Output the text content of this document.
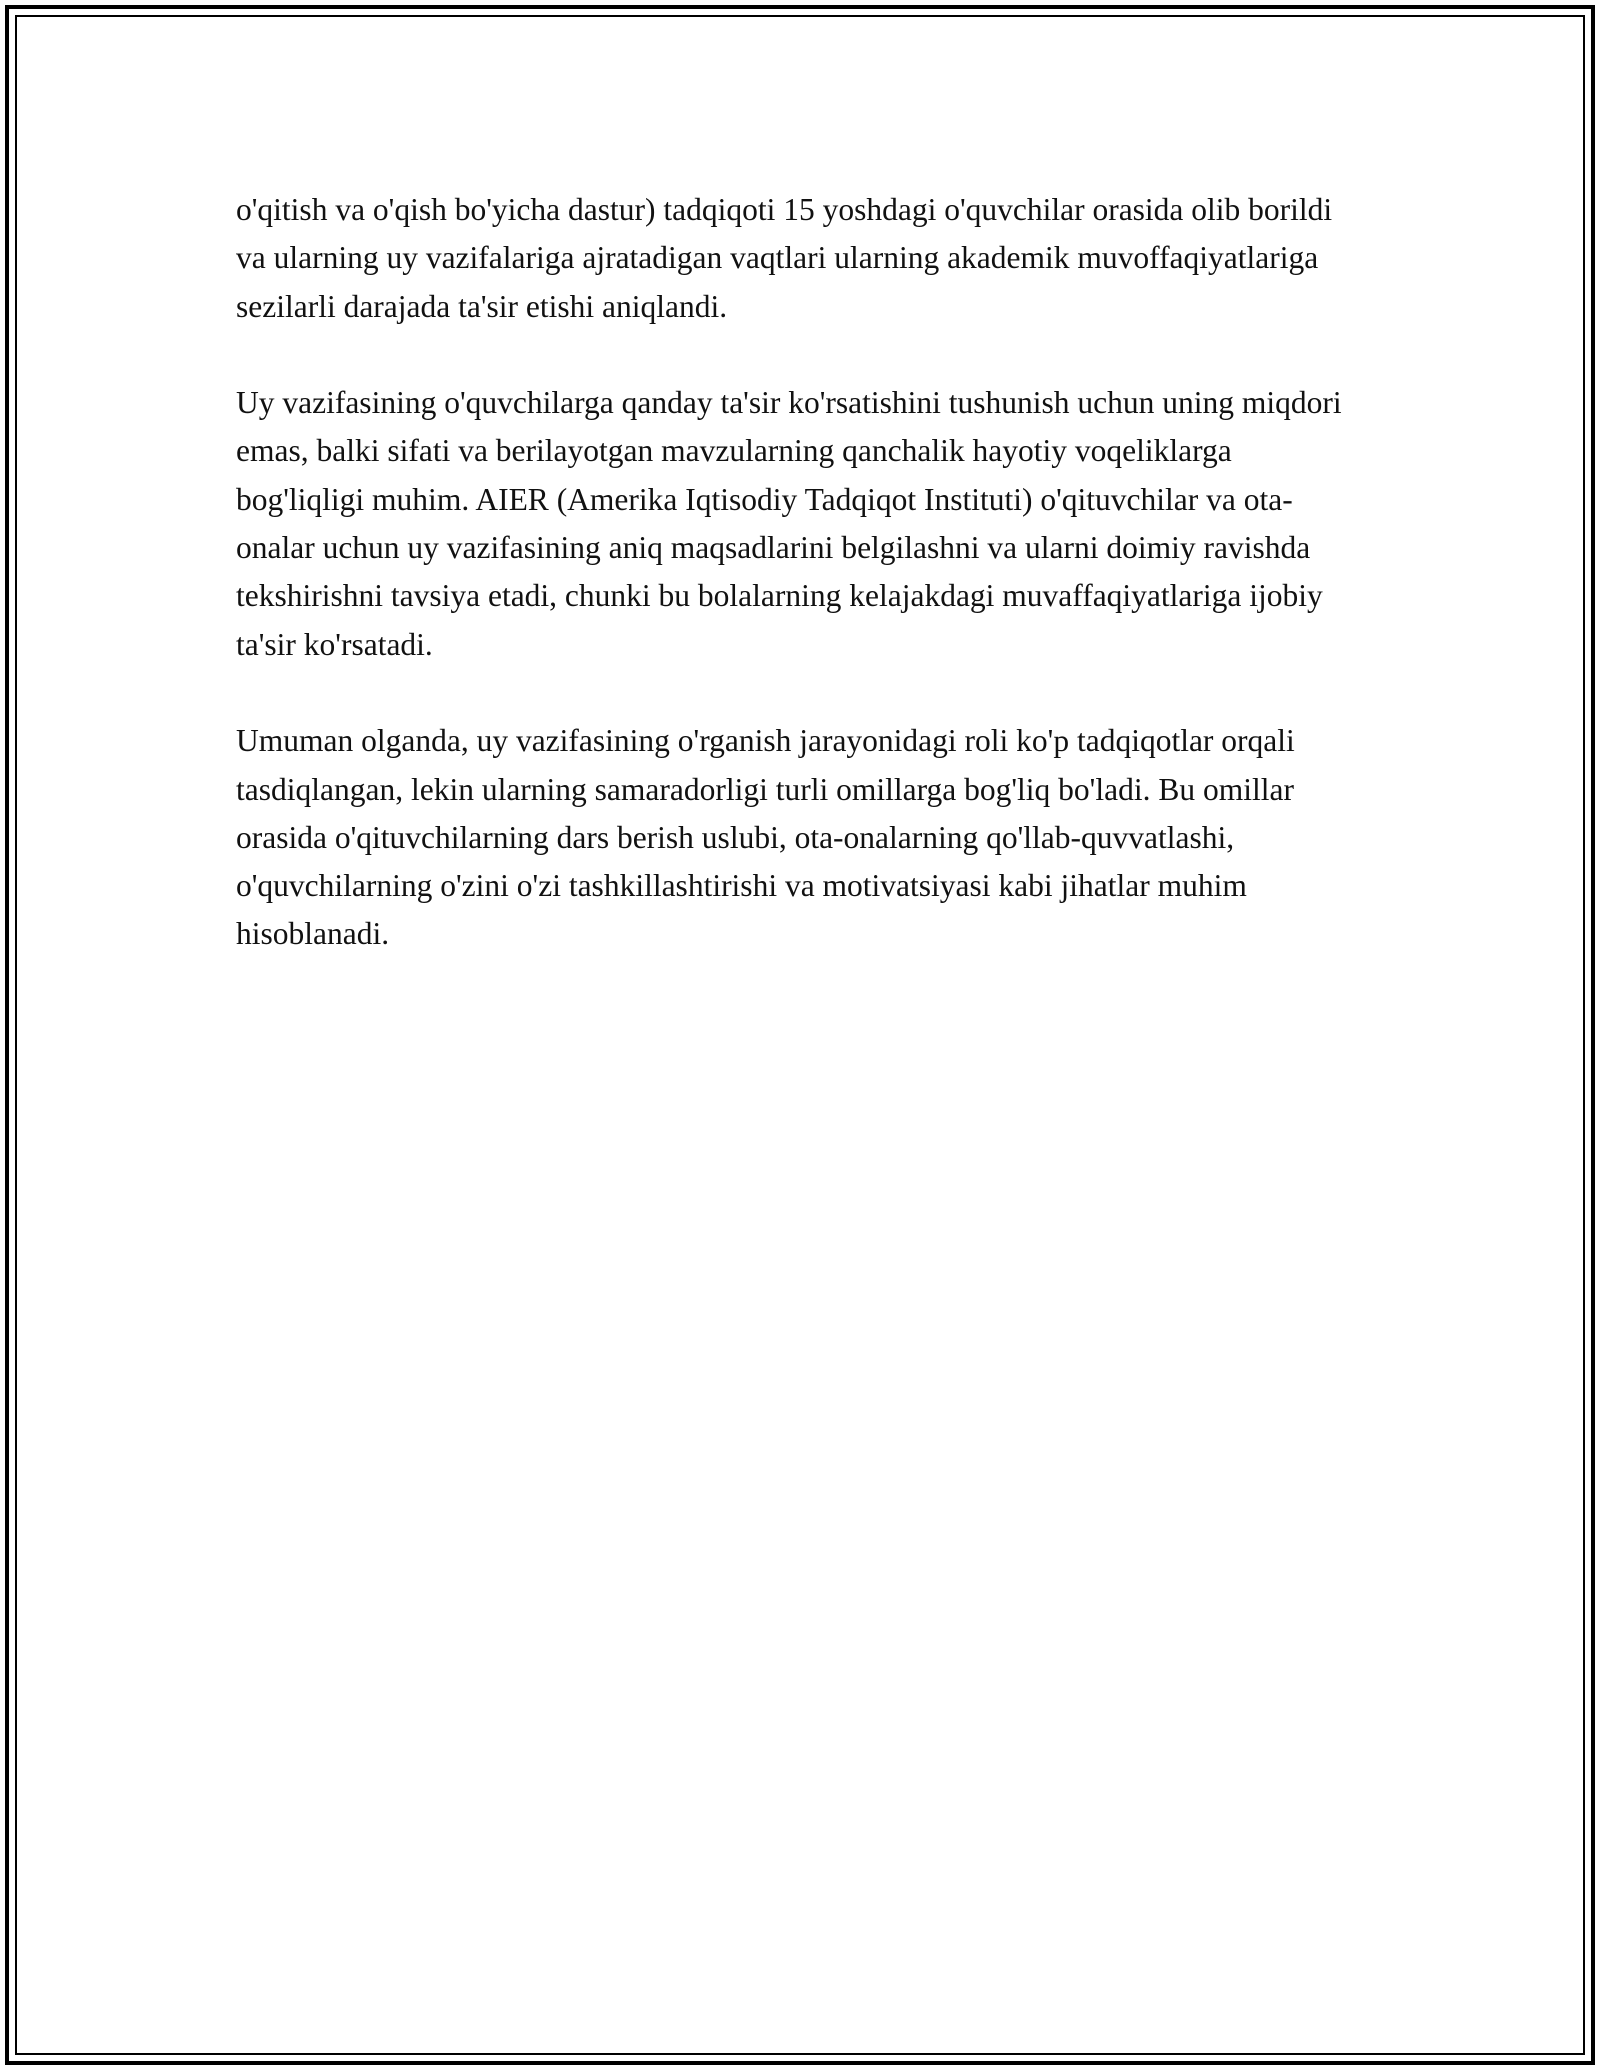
o'qitish va o'qish bo'yicha dastur) tadqiqoti 15 yoshdagi o'quvchilar orasida olib borildi va ularning uy vazifalariga ajratadigan vaqtlari ularning akademik muvoffaqiyatlariga sezilarli darajada ta'sir etishi aniqlandi.

Uy vazifasining o'quvchilarga qanday ta'sir ko'rsatishini tushunish uchun uning miqdori emas, balki sifati va berilayotgan mavzularning qanchalik hayotiy voqeliklarga bog'liqligi muhim. AIER (Amerika Iqtisodiy Tadqiqot Instituti) o'qituvchilar va ota-onalar uchun uy vazifasining aniq maqsadlarini belgilashni va ularni doimiy ravishda tekshirishni tavsiya etadi, chunki bu bolalarning kelajakdagi muvaffaqiyatlariga ijobiy ta'sir ko'rsatadi.

Umuman olganda, uy vazifasining o'rganish jarayonidagi roli ko'p tadqiqotlar orqali tasdiqlangan, lekin ularning samaradorligi turli omillarga bog'liq bo'ladi. Bu omillar orasida o'qituvchilarning dars berish uslubi, ota-onalarning qo'llab-quvvatlashi, o'quvchilarning o'zini o'zi tashkillashtirishi va motivatsiyasi kabi jihatlar muhim hisoblanadi.
